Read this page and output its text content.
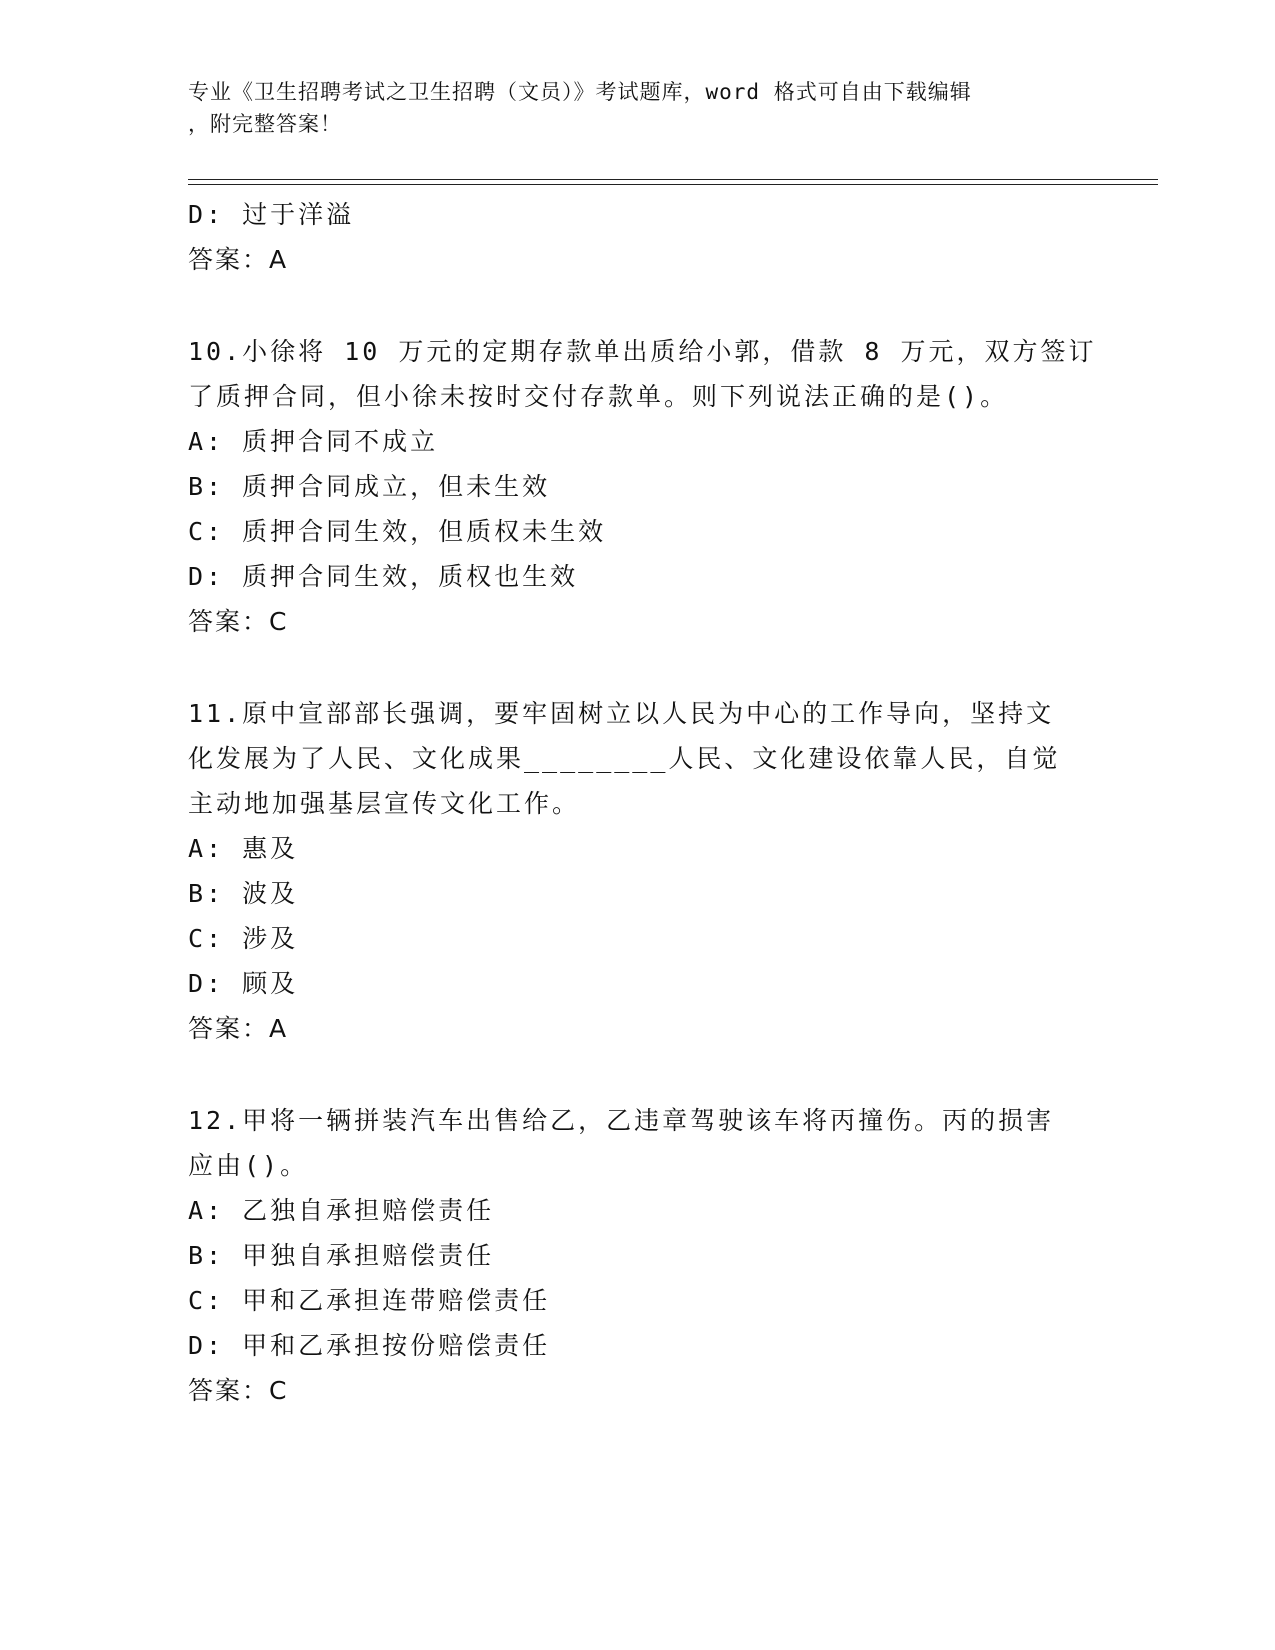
专业《卫生招聘考试之卫生招聘（文员）》考试题库，word 格式可自由下载编辑
，附完整答案！
D: 过于洋溢
答案：A
10.小徐将 10 万元的定期存款单出质给小郭，借款 8 万元，双方签订
了质押合同，但小徐未按时交付存款单。则下列说法正确的是()。
A: 质押合同不成立
B: 质押合同成立，但未生效
C: 质押合同生效，但质权未生效
D: 质押合同生效，质权也生效
答案：C
11.原中宣部部长强调，要牢固树立以人民为中心的工作导向，坚持文
化发展为了人民、文化成果________人民、文化建设依靠人民，自觉
主动地加强基层宣传文化工作。
A: 惠及
B: 波及
C: 涉及
D: 顾及
答案：A
12.甲将一辆拼装汽车出售给乙，乙违章驾驶该车将丙撞伤。丙的损害
应由()。
A: 乙独自承担赔偿责任
B: 甲独自承担赔偿责任
C: 甲和乙承担连带赔偿责任
D: 甲和乙承担按份赔偿责任
答案：C
